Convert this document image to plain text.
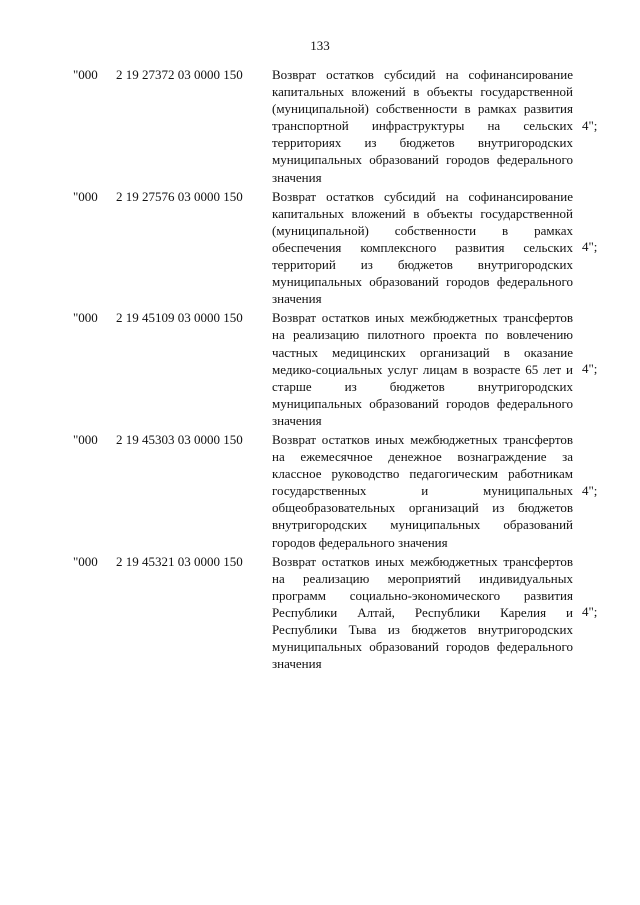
133
"000 2 19 27372 03 0000 150 Возврат остатков субсидий на софинансирование капитальных вложений в объекты государственной (муниципальной) собственности в рамках развития транспортной инфраструктуры на сельских территориях из бюджетов внутригородских муниципальных образований городов федерального значения
4";
"000 2 19 27576 03 0000 150 Возврат остатков субсидий на софинансирование капитальных вложений в объекты государственной (муниципальной) собственности в рамках обеспечения комплексного развития сельских территорий из бюджетов внутригородских муниципальных образований городов федерального значения
4";
"000 2 19 45109 03 0000 150 Возврат остатков иных межбюджетных трансфертов на реализацию пилотного проекта по вовлечению частных медицинских организаций в оказание медико-социальных услуг лицам в возрасте 65 лет и старше из бюджетов внутригородских муниципальных образований городов федерального значения
4";
"000 2 19 45303 03 0000 150 Возврат остатков иных межбюджетных трансфертов на ежемесячное денежное вознаграждение за классное руководство педагогическим работникам государственных и муниципальных общеобразовательных организаций из бюджетов внутригородских муниципальных образований городов федерального значения
4";
"000 2 19 45321 03 0000 150 Возврат остатков иных межбюджетных трансфертов на реализацию мероприятий индивидуальных программ социально-экономического развития Республики Алтай, Республики Карелия и Республики Тыва из бюджетов внутригородских муниципальных образований городов федерального значения
4";
